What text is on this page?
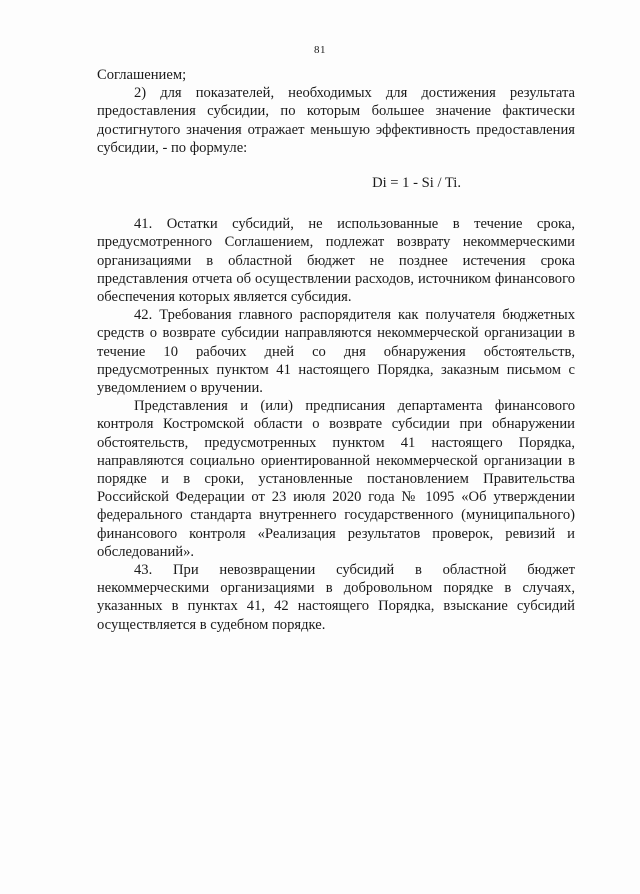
81

Соглашением;

2) для показателей, необходимых для достижения результата предоставления субсидии, по которым большее значение фактически достигнутого значения отражает меньшую эффективность предоставления субсидии, - по формуле:

Di = 1 - Si / Ti.

41. Остатки субсидий, не использованные в течение срока, предусмотренного Соглашением, подлежат возврату некоммерческими организациями в областной бюджет не позднее истечения срока представления отчета об осуществлении расходов, источником финансового обеспечения которых является субсидия.

42. Требования главного распорядителя как получателя бюджетных средств о возврате субсидии направляются некоммерческой организации в течение 10 рабочих дней со дня обнаружения обстоятельств, предусмотренных пунктом 41 настоящего Порядка, заказным письмом с уведомлением о вручении.

Представления и (или) предписания департамента финансового контроля Костромской области о возврате субсидии при обнаружении обстоятельств, предусмотренных пунктом 41 настоящего Порядка, направляются социально ориентированной некоммерческой организации в порядке и в сроки, установленные постановлением Правительства Российской Федерации от 23 июля 2020 года № 1095 «Об утверждении федерального стандарта внутреннего государственного (муниципального) финансового контроля «Реализация результатов проверок, ревизий и обследований».

43. При невозвращении субсидий в областной бюджет некоммерческими организациями в добровольном порядке в случаях, указанных в пунктах 41, 42 настоящего Порядка, взыскание субсидий осуществляется в судебном порядке.
